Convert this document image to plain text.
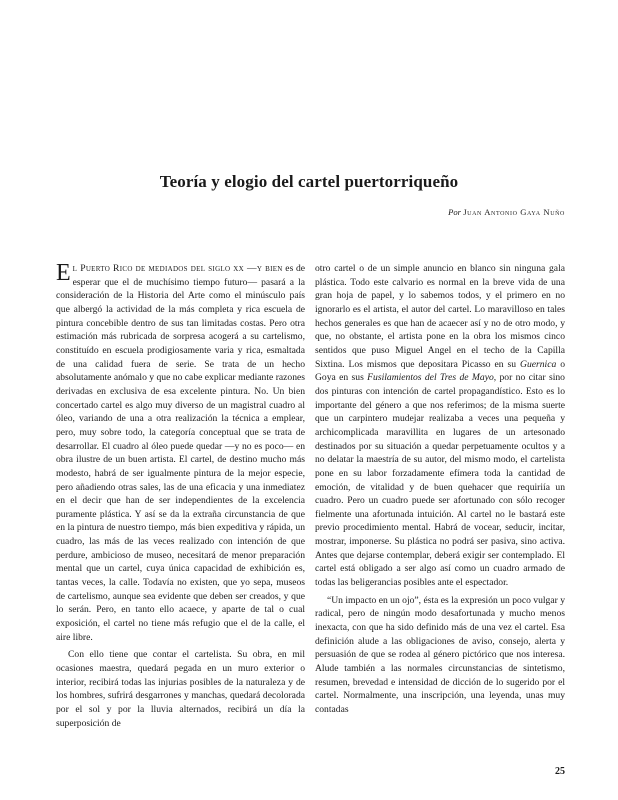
Teoría y elogio del cartel puertorriqueño
Por Juan Antonio Gaya Nuño

El Puerto Rico de mediados del siglo xx —y bien es de esperar que el de muchísimo tiempo futuro— pasará a la consideración de la Historia del Arte como el minúsculo país que albergó la actividad de la más completa y rica escuela de pintura concebible dentro de sus tan limitadas costas. Pero otra estimación más rubricada de sorpresa acogerá a su cartelismo, constituído en escuela prodigiosamente varia y rica, esmaltada de una calidad fuera de serie. Se trata de un hecho absolutamente anómalo y que no cabe explicar mediante razones derivadas en exclusiva de esa excelente pintura. No. Un bien concertado cartel es algo muy diverso de un magistral cuadro al óleo, variando de una a otra realización la técnica a emplear, pero, muy sobre todo, la categoría conceptual que se trata de desarrollar. El cuadro al óleo puede quedar —y no es poco— en obra ilustre de un buen artista. El cartel, de destino mucho más modesto, habrá de ser igualmente pintura de la mejor especie, pero añadiendo otras sales, las de una eficacia y una inmediatez en el decir que han de ser independientes de la excelencia puramente plástica. Y así se da la extraña circunstancia de que en la pintura de nuestro tiempo, más bien expeditiva y rápida, un cuadro, las más de las veces realizado con intención de que perdure, ambicioso de museo, necesitará de menor preparación mental que un cartel, cuya única capacidad de exhibición es, tantas veces, la calle. Todavía no existen, que yo sepa, museos de cartelismo, aunque sea evidente que deben ser creados, y que lo serán. Pero, en tanto ello acaece, y aparte de tal o cual exposición, el cartel no tiene más refugio que el de la calle, el aire libre.

Con ello tiene que contar el cartelista. Su obra, en mil ocasiones maestra, quedará pegada en un muro exterior o interior, recibirá todas las injurias posibles de la naturaleza y de los hombres, sufrirá desgarrones y manchas, quedará decolorada por el sol y por la lluvia alternados, recibirá un día la superposición de

otro cartel o de un simple anuncio en blanco sin ninguna gala plástica. Todo este calvario es normal en la breve vida de una gran hoja de papel, y lo sabemos todos, y el primero en no ignorarlo es el artista, el autor del cartel. Lo maravilloso en tales hechos generales es que han de acaecer así y no de otro modo, y que, no obstante, el artista pone en la obra los mismos cinco sentidos que puso Miguel Angel en el techo de la Capilla Sixtina. Los mismos que depositara Picasso en su Guernica o Goya en sus Fusilamientos del Tres de Mayo, por no citar sino dos pinturas con intención de cartel propagandístico. Esto es lo importante del género a que nos referimos; de la misma suerte que un carpintero mudejar realizaba a veces una pequeña y archicomplicada maravillita en lugares de un artesonado destinados por su situación a quedar perpetuamente ocultos y a no delatar la maestría de su autor, del mismo modo, el cartelista pone en su labor forzadamente efímera toda la cantidad de emoción, de vitalidad y de buen quehacer que requiriía un cuadro. Pero un cuadro puede ser afortunado con sólo recoger fielmente una afortunada intuición. Al cartel no le bastará este previo procedimiento mental. Habrá de vocear, seducir, incitar, mostrar, imponerse. Su plástica no podrá ser pasiva, sino activa. Antes que dejarse contemplar, deberá exigir ser contemplado. El cartel está obligado a ser algo así como un cuadro armado de todas las beligerancias posibles ante el espectador.

“Un impacto en un ojo”, ésta es la expresión un poco vulgar y radical, pero de ningún modo desafortunada y mucho menos inexacta, con que ha sido definido más de una vez el cartel. Esa definición alude a las obligaciones de aviso, consejo, alerta y persuasión de que se rodea al género pictórico que nos interesa. Alude también a las normales circunstancias de sintetismo, resumen, brevedad e intensidad de dicción de lo sugerido por el cartel. Normalmente, una inscripción, una leyenda, unas muy contadas

25
